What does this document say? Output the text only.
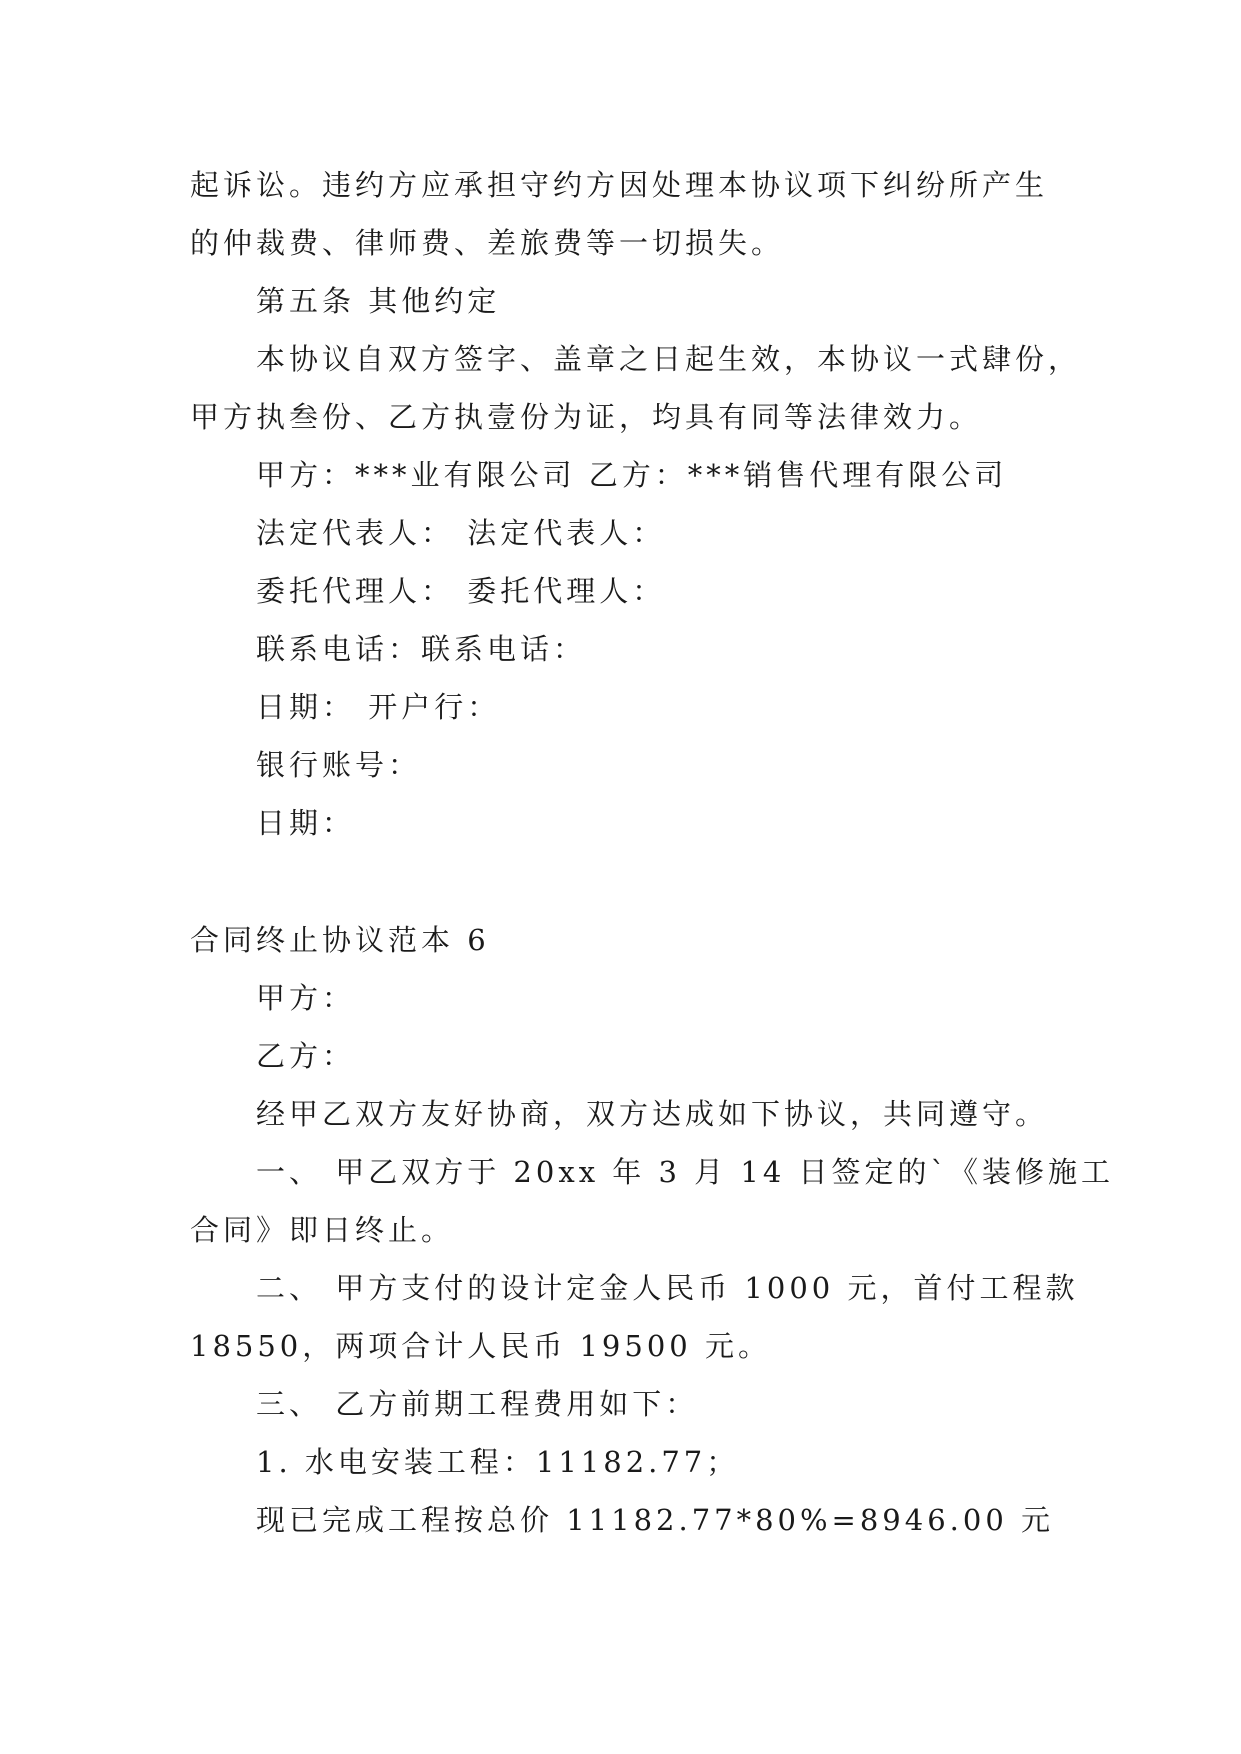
起诉讼。违约方应承担守约方因处理本协议项下纠纷所产生
的仲裁费、律师费、差旅费等一切损失。
第五条 其他约定
本协议自双方签字、盖章之日起生效，本协议一式肆份，
甲方执叁份、乙方执壹份为证，均具有同等法律效力。
甲方：***业有限公司 乙方：***销售代理有限公司
法定代表人： 法定代表人：
委托代理人： 委托代理人：
联系电话：联系电话：
日期： 开户行：
银行账号：
日期：
合同终止协议范本 6
甲方：
乙方：
经甲乙双方友好协商，双方达成如下协议，共同遵守。
一、 甲乙双方于 20xx 年 3 月 14 日签定的`《装修施工
合同》即日终止。
二、 甲方支付的设计定金人民币 1000 元，首付工程款
18550，两项合计人民币 19500 元。
三、 乙方前期工程费用如下：
1. 水电安装工程：11182.77；
现已完成工程按总价 11182.77*80%=8946.00 元
